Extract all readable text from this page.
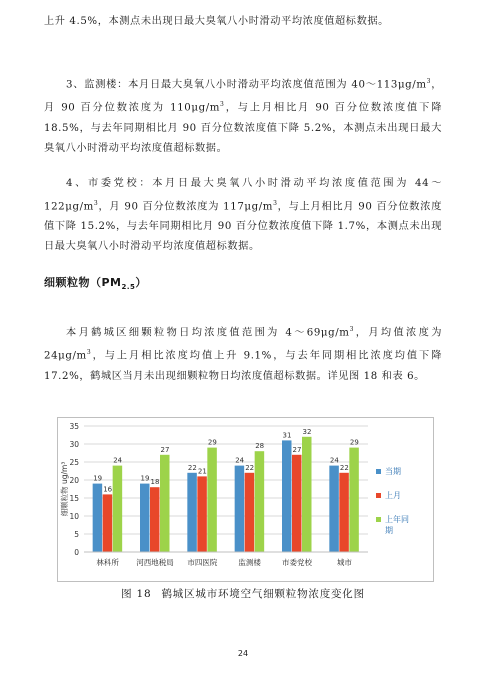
上升 4.5%，本测点未出现日最大臭氧八小时滑动平均浓度值超标数据。

3、监测楼：本月日最大臭氧八小时滑动平均浓度值范围为 $40\sim 113\mu g/m^3$，月 90 百分位数浓度为 $110\mu g/m^3$，与上月相比月 90 百分位数浓度值下降 18.5%，与去年同期相比月 90 百分位数浓度值下降 5.2%，本测点未出现日最大臭氧八小时滑动平均浓度值超标数据。

4、市委党校：本月日最大臭氧八小时滑动平均浓度值范围为 $44\sim 122\mu g/m^3$，月 90 百分位数浓度为 $117\mu g/m^3$，与上月相比月 90 百分位数浓度值下降 15.2%，与去年同期相比月 90 百分位数浓度值下降 1.7%，本测点未出现日最大臭氧八小时滑动平均浓度值超标数据。

细颗粒物$(PM_{2.5})$

本月鹤城区细颗粒物日均浓度值范围为 $4\sim 69\mu g/m^3$，月均值浓度为 $24\mu g/m^3$，与上月相比浓度均值上升 9.1%，与去年同期相比浓度均值下降 17.2%，鹤城区当月未出现细颗粒物日均浓度值超标数据。详见图 18 和表 6。

0
5
10
15
20
25
30
35
细颗粒物 ug/m³	19
16
24
林科所
19 18
27
河西地税局
22 21
29
市四医院
24
22
28
监测楼
31
27
32
市委党校
24
22
29
城市
当期
上月
上年同
期
图 18 鹤城区城市环境空气细颗粒物浓度变化图
24
